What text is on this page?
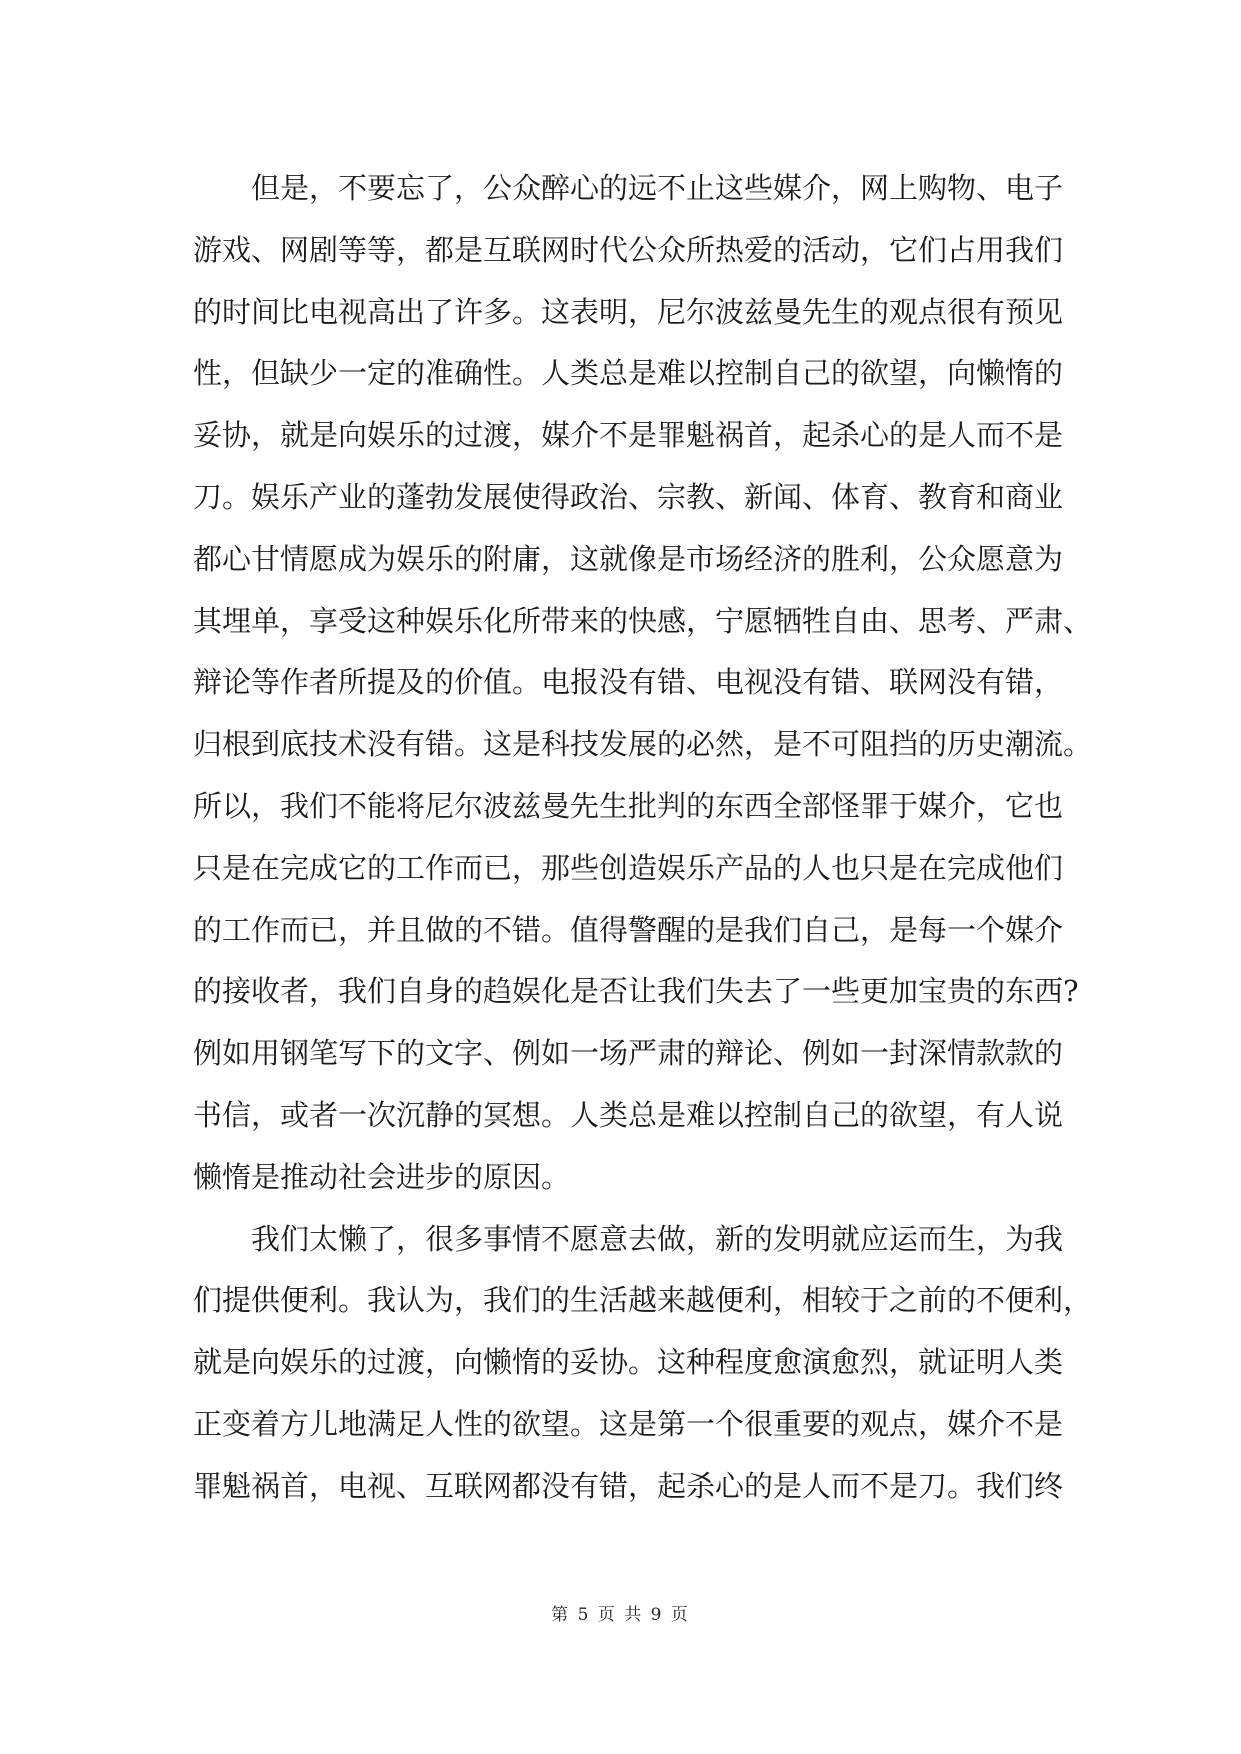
但是，不要忘了，公众醉心的远不止这些媒介，网上购物、电子
游戏、网剧等等，都是互联网时代公众所热爱的活动，它们占用我们
的时间比电视高出了许多。这表明，尼尔波兹曼先生的观点很有预见
性，但缺少一定的准确性。人类总是难以控制自己的欲望，向懒惰的
妥协，就是向娱乐的过渡，媒介不是罪魁祸首，起杀心的是人而不是
刀。娱乐产业的蓬勃发展使得政治、宗教、新闻、体育、教育和商业
都心甘情愿成为娱乐的附庸，这就像是市场经济的胜利，公众愿意为
其埋单，享受这种娱乐化所带来的快感，宁愿牺牲自由、思考、严肃、
辩论等作者所提及的价值。电报没有错、电视没有错、联网没有错，
归根到底技术没有错。这是科技发展的必然，是不可阻挡的历史潮流。
所以，我们不能将尼尔波兹曼先生批判的东西全部怪罪于媒介，它也
只是在完成它的工作而已，那些创造娱乐产品的人也只是在完成他们
的工作而已，并且做的不错。值得警醒的是我们自己，是每一个媒介
的接收者，我们自身的趋娱化是否让我们失去了一些更加宝贵的东西?
例如用钢笔写下的文字、例如一场严肃的辩论、例如一封深情款款的
书信，或者一次沉静的冥想。人类总是难以控制自己的欲望，有人说
懒惰是推动社会进步的原因。
我们太懒了，很多事情不愿意去做，新的发明就应运而生，为我
们提供便利。我认为，我们的生活越来越便利，相较于之前的不便利，
就是向娱乐的过渡，向懒惰的妥协。这种程度愈演愈烈，就证明人类
正变着方儿地满足人性的欲望。这是第一个很重要的观点，媒介不是
罪魁祸首，电视、互联网都没有错，起杀心的是人而不是刀。我们终
第 5 页 共 9 页
